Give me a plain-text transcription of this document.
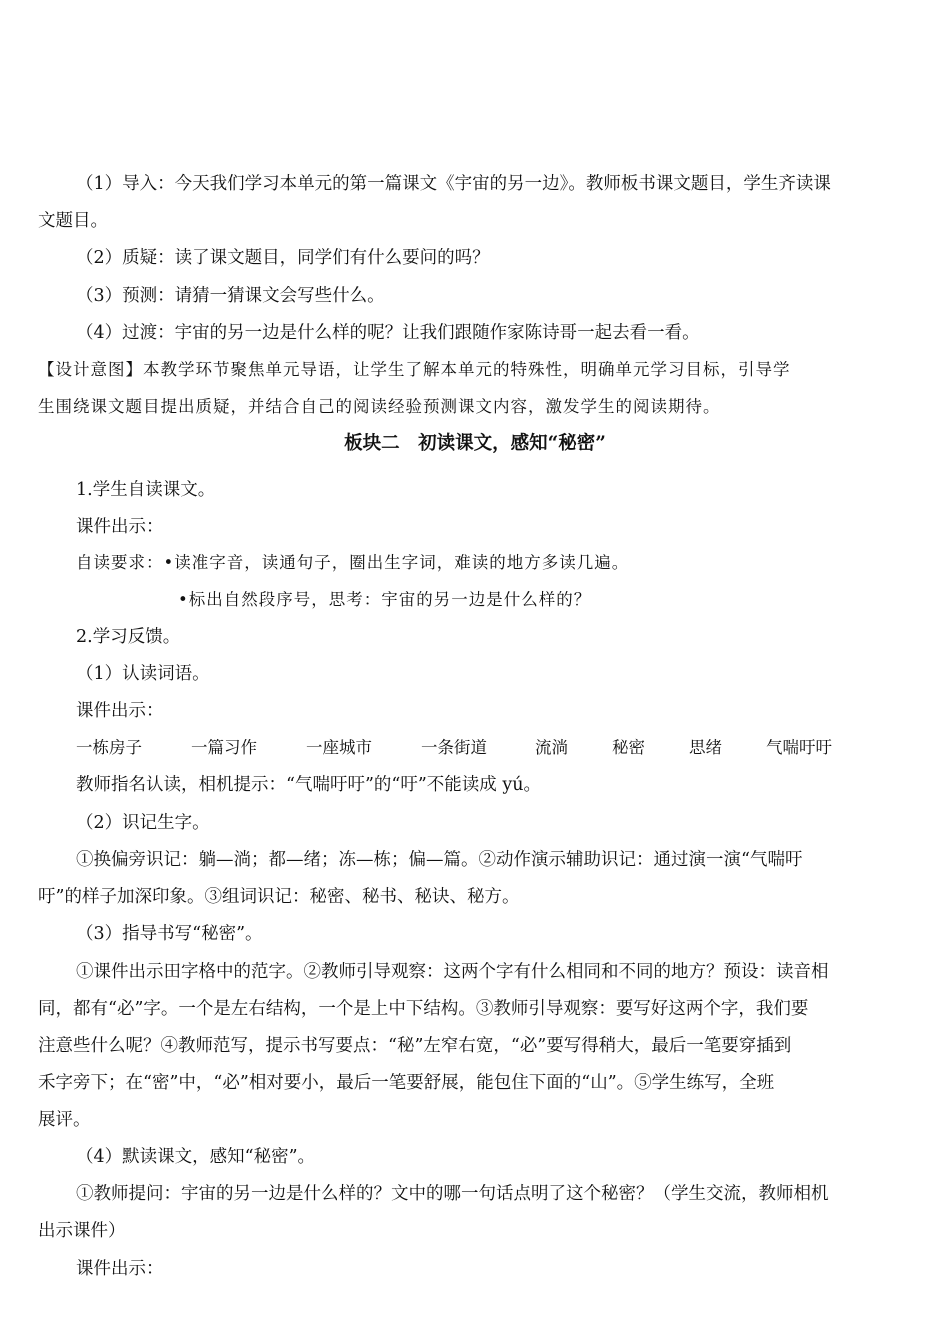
（1）导入：今天我们学习本单元的第一篇课文《宇宙的另一边》。教师板书课文题目，学生齐读课
文题目。
（2）质疑：读了课文题目，同学们有什么要问的吗？
（3）预测：请猜一猜课文会写些什么。
（4）过渡：宇宙的另一边是什么样的呢？让我们跟随作家陈诗哥一起去看一看。
【设计意图】本教学环节聚焦单元导语，让学生了解本单元的特殊性，明确单元学习目标，引导学
生围绕课文题目提出质疑，并结合自己的阅读经验预测课文内容，激发学生的阅读期待。
板块二　初读课文，感知“秘密”
1.学生自读课文。
课件出示：
自读要求：•读准字音，读通句子，圈出生字词，难读的地方多读几遍。
•标出自然段序号，思考：宇宙的另一边是什么样的？
2.学习反馈。
（1）认读词语。
课件出示：
一栋房子	一篇习作	一座城市	一条街道	流淌	秘密	思绪	气喘吁吁
教师指名认读，相机提示：“气喘吁吁”的“吁”不能读成 yú。
（2）识记生字。
①换偏旁识记：躺—淌；都—绪；冻—栋；偏—篇。②动作演示辅助识记：通过演一演“气喘吁
吁”的样子加深印象。③组词识记：秘密、秘书、秘诀、秘方。
（3）指导书写“秘密”。
①课件出示田字格中的范字。②教师引导观察：这两个字有什么相同和不同的地方？预设：读音相
同，都有“必”字。一个是左右结构，一个是上中下结构。③教师引导观察：要写好这两个字，我们要
注意些什么呢？④教师范写，提示书写要点：“秘”左窄右宽，“必”要写得稍大，最后一笔要穿插到
禾字旁下；在“密”中，“必”相对要小，最后一笔要舒展，能包住下面的“山”。⑤学生练写，全班
展评。
（4）默读课文，感知“秘密”。
①教师提问：宇宙的另一边是什么样的？文中的哪一句话点明了这个秘密？（学生交流，教师相机
出示课件）
课件出示：
